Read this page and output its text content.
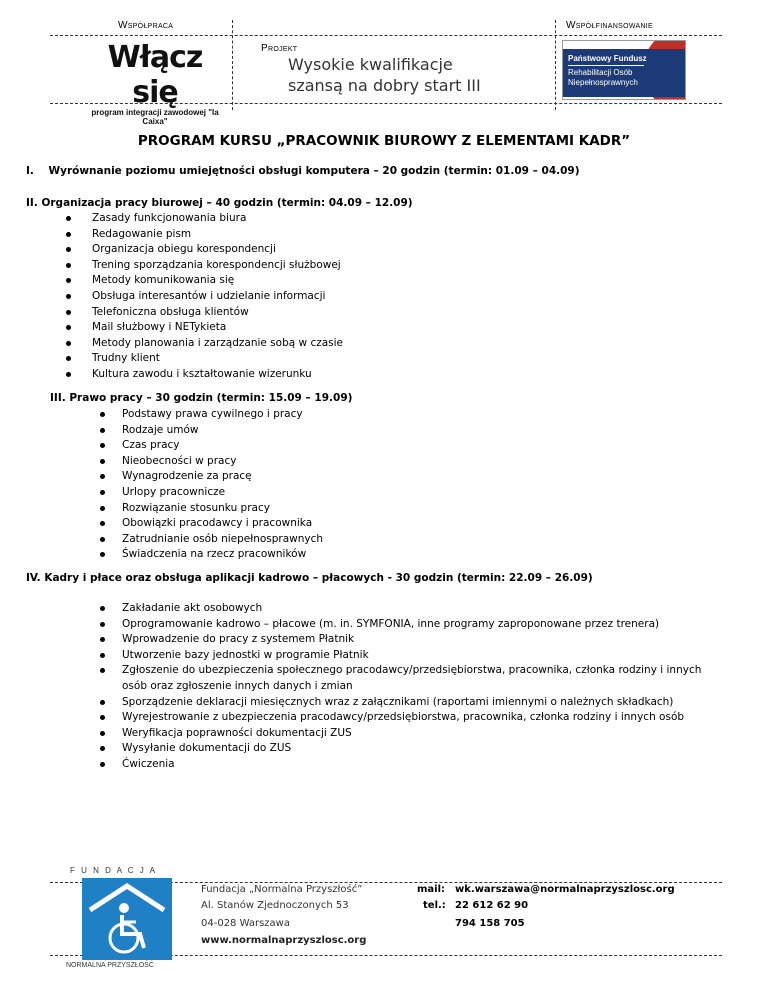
Współpraca	Współfinansowanie
Włącz się
program integracji zawodowej "la Caixa"
Projekt
Wysokie kwalifikacje
szansą na dobry start III
Państwowy Fundusz
Rehabilitacji Osób
Niepełnosprawnych
PROGRAM KURSU „PRACOWNIK BIUROWY Z ELEMENTAMI KADR”
I.    Wyrównanie poziomu umiejętności obsługi komputera – 20 godzin (termin: 01.09 – 04.09)
II. Organizacja pracy biurowej – 40 godzin (termin: 04.09 – 12.09)
Zasady funkcjonowania biura
Redagowanie pism
Organizacja obiegu korespondencji
Trening sporządzania korespondencji służbowej
Metody komunikowania się
Obsługa interesantów i udzielanie informacji
Telefoniczna obsługa klientów
Mail służbowy i NETykieta
Metody planowania i zarządzanie sobą w czasie
Trudny klient
Kultura zawodu i kształtowanie wizerunku
III. Prawo pracy – 30 godzin (termin: 15.09 – 19.09)
Podstawy prawa cywilnego i pracy
Rodzaje umów
Czas pracy
Nieobecności w pracy
Wynagrodzenie za pracę
Urlopy pracownicze
Rozwiązanie stosunku pracy
Obowiązki pracodawcy i pracownika
Zatrudnianie osób niepełnosprawnych
Świadczenia na rzecz pracowników
IV. Kadry i płace oraz obsługa aplikacji kadrowo – płacowych - 30 godzin (termin: 22.09 – 26.09)
Zakładanie akt osobowych
Oprogramowanie kadrowo – płacowe (m. in. SYMFONIA, inne programy zaproponowane przez trenera)
Wprowadzenie do pracy z systemem Płatnik
Utworzenie bazy jednostki w programie Płatnik
Zgłoszenie do ubezpieczenia społecznego pracodawcy/przedsiębiorstwa, pracownika, członka rodziny i innych osób oraz zgłoszenie innych danych i zmian
Sporządzenie deklaracji miesięcznych wraz z załącznikami (raportami imiennymi o należnych składkach)
Wyrejestrowanie z ubezpieczenia pracodawcy/przedsiębiorstwa, pracownika, członka rodziny i innych osób
Weryfikacja poprawności dokumentacji ZUS
Wysyłanie dokumentacji do ZUS
Ćwiczenia
F U N D A C J A
NORMALNA PRZYSZŁOŚĆ
Fundacja „Normalna Przyszłość”
Al. Stanów Zjednoczonych 53
04-028 Warszawa
www.normalnaprzyszlosc.org
mail: wk.warszawa@normalnaprzyszlosc.org
tel.: 22 612 62 90
794 158 705
